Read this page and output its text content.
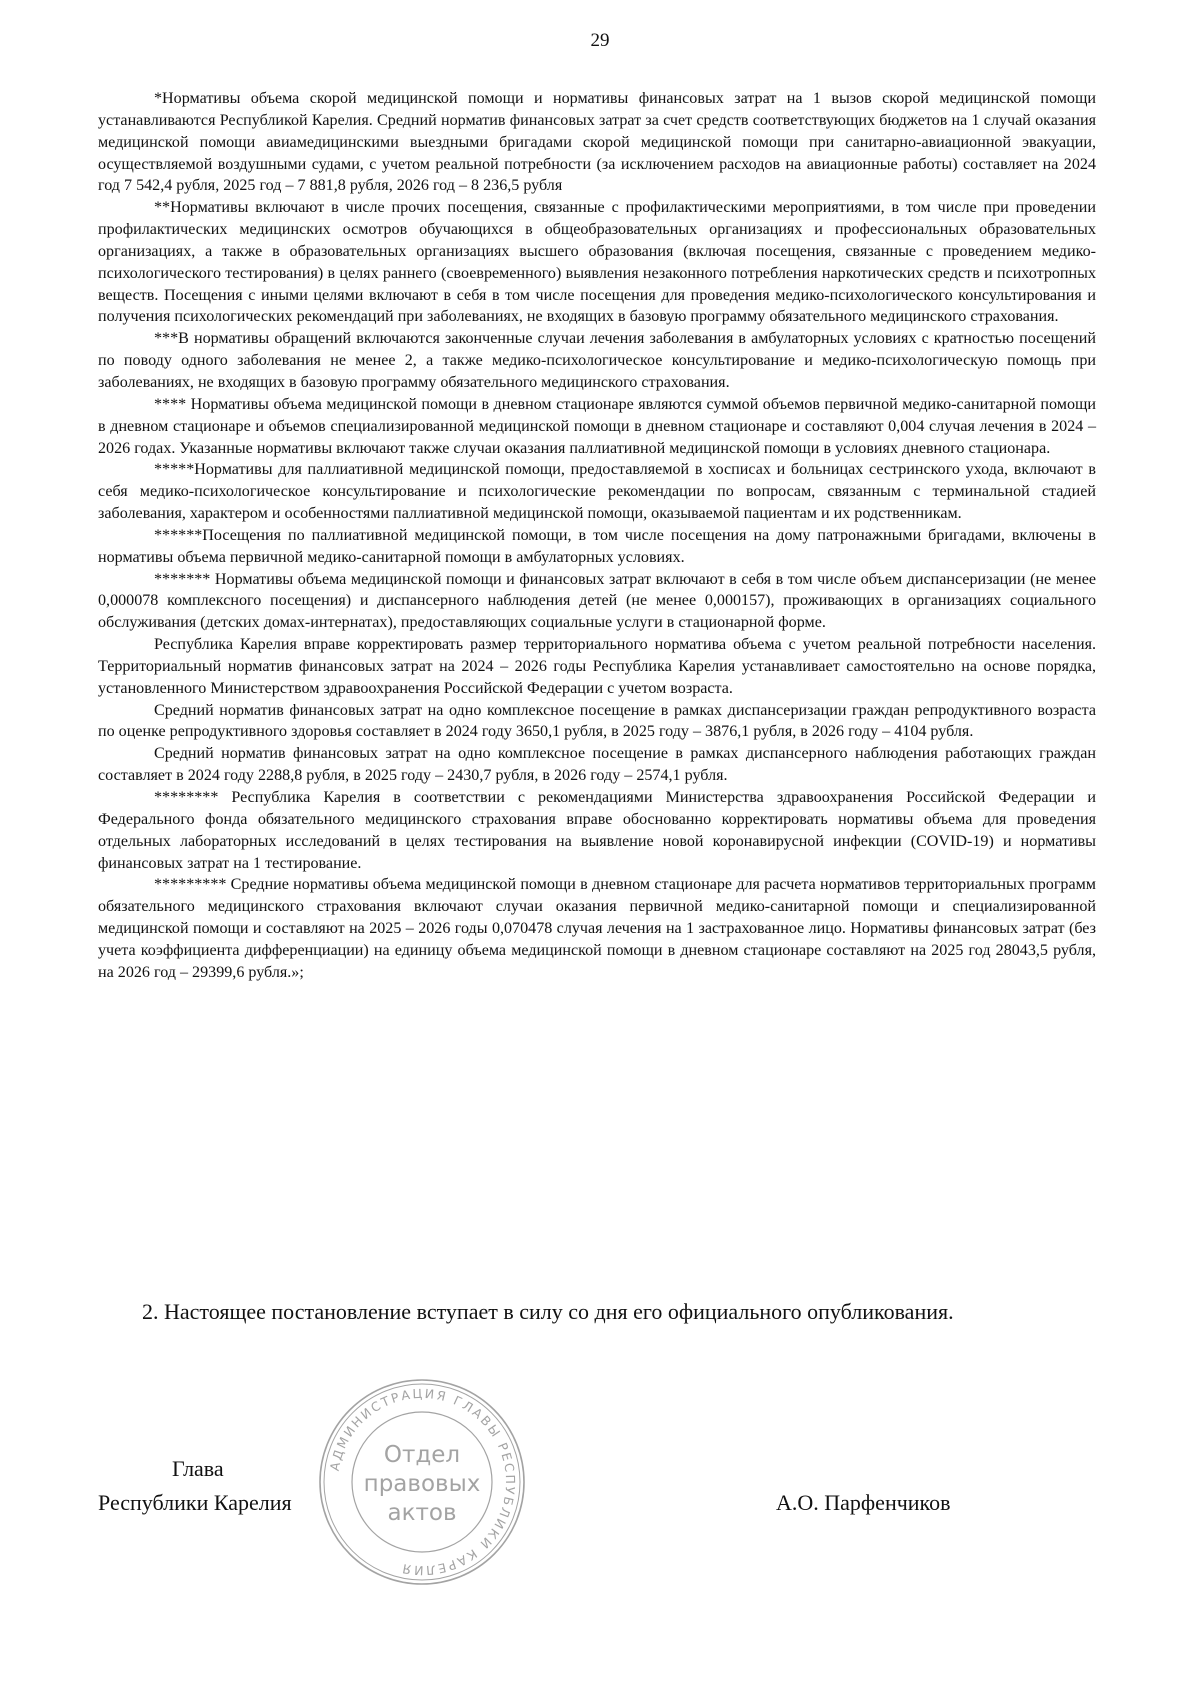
29

*Нормативы объема скорой медицинской помощи и нормативы финансовых затрат на 1 вызов скорой медицинской помощи устанавливаются Республикой Карелия. Средний норматив финансовых затрат за счет средств соответствующих бюджетов на 1 случай оказания медицинской помощи авиамедицинскими выездными бригадами скорой медицинской помощи при санитарно-авиационной эвакуации, осуществляемой воздушными судами, с учетом реальной потребности (за исключением расходов на авиационные работы) составляет на 2024 год 7 542,4 рубля, 2025 год – 7 881,8 рубля, 2026 год – 8 236,5 рубля

**Нормативы включают в числе прочих посещения, связанные с профилактическими мероприятиями, в том числе при проведении профилактических медицинских осмотров обучающихся в общеобразовательных организациях и профессиональных образовательных организациях, а также в образовательных организациях высшего образования (включая посещения, связанные с проведением медико-психологического тестирования) в целях раннего (своевременного) выявления незаконного потребления наркотических средств и психотропных веществ. Посещения с иными целями включают в себя в том числе посещения для проведения медико-психологического консультирования и получения психологических рекомендаций при заболеваниях, не входящих в базовую программу обязательного медицинского страхования.

***В нормативы обращений включаются законченные случаи лечения заболевания в амбулаторных условиях с кратностью посещений по поводу одного заболевания не менее 2, а также медико-психологическое консультирование и медико-психологическую помощь при заболеваниях, не входящих в базовую программу обязательного медицинского страхования.

**** Нормативы объема медицинской помощи в дневном стационаре являются суммой объемов первичной медико-санитарной помощи в дневном стационаре и объемов специализированной медицинской помощи в дневном стационаре и составляют 0,004 случая лечения в 2024 – 2026 годах. Указанные нормативы включают также случаи оказания паллиативной медицинской помощи в условиях дневного стационара.

*****Нормативы для паллиативной медицинской помощи, предоставляемой в хосписах и больницах сестринского ухода, включают в себя медико-психологическое консультирование и психологические рекомендации по вопросам, связанным с терминальной стадией заболевания, характером и особенностями паллиативной медицинской помощи, оказываемой пациентам и их родственникам.

******Посещения по паллиативной медицинской помощи, в том числе посещения на дому патронажными бригадами, включены в нормативы объема первичной медико-санитарной помощи в амбулаторных условиях.

******* Нормативы объема медицинской помощи и финансовых затрат включают в себя в том числе объем диспансеризации (не менее 0,000078 комплексного посещения) и диспансерного наблюдения детей (не менее 0,000157), проживающих в организациях социального обслуживания (детских домах-интернатах), предоставляющих социальные услуги в стационарной форме.

Республика Карелия вправе корректировать размер территориального норматива объема с учетом реальной потребности населения. Территориальный норматив финансовых затрат на 2024 – 2026 годы Республика Карелия устанавливает самостоятельно на основе порядка, установленного Министерством здравоохранения Российской Федерации с учетом возраста.

Средний норматив финансовых затрат на одно комплексное посещение в рамках диспансеризации граждан репродуктивного возраста по оценке репродуктивного здоровья составляет в 2024 году 3650,1 рубля, в 2025 году – 3876,1 рубля, в 2026 году – 4104 рубля.

Средний норматив финансовых затрат на одно комплексное посещение в рамках диспансерного наблюдения работающих граждан составляет в 2024 году 2288,8 рубля, в 2025 году – 2430,7 рубля, в 2026 году – 2574,1 рубля.

******** Республика Карелия в соответствии с рекомендациями Министерства здравоохранения Российской Федерации и Федерального фонда обязательного медицинского страхования вправе обоснованно корректировать нормативы объема для проведения отдельных лабораторных исследований в целях тестирования на выявление новой коронавирусной инфекции (COVID-19) и нормативы финансовых затрат на 1 тестирование.

********* Средние нормативы объема медицинской помощи в дневном стационаре для расчета нормативов территориальных программ обязательного медицинского страхования включают случаи оказания первичной медико-санитарной помощи и специализированной медицинской помощи и составляют на 2025 – 2026 годы 0,070478 случая лечения на 1 застрахованное лицо. Нормативы финансовых затрат (без учета коэффициента дифференциации) на единицу объема медицинской помощи в дневном стационаре составляют на 2025 год 28043,5 рубля, на 2026 год – 29399,6 рубля.»;

2. Настоящее постановление вступает в силу со дня его официального опубликования.

Глава
Республики Карелия	А.О. Парфенчиков
АДМИНИСТРАЦИЯ ГЛАВЫ РЕСПУБЛИКИ КАРЕЛИЯ
Отдел
правовых
актов
